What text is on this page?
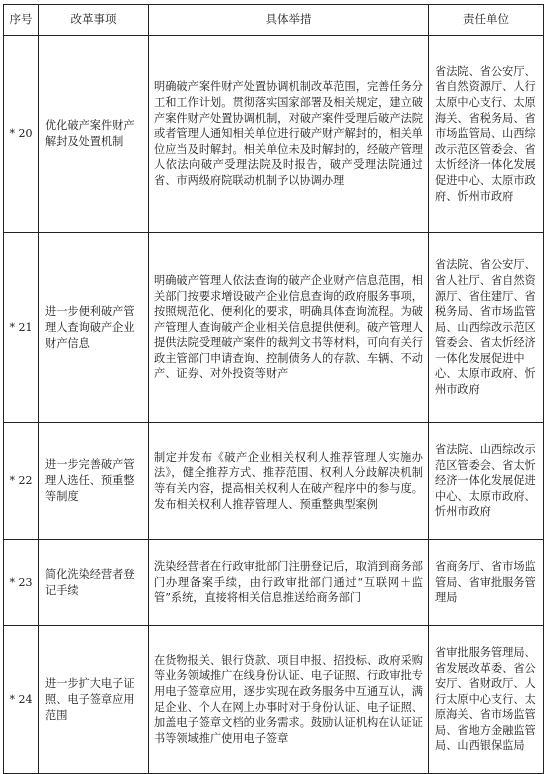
序号	改革事项	具体举措	责任单位
* 20	优化破产案件财产解封及处置机制	明确破产案件财产处置协调机制改革范围，完善任务分工和工作计划。贯彻落实国家部署及相关规定，建立破产案件财产处置协调机制，对破产案件受理后破产法院或者管理人通知相关单位进行破产财产解封的，相关单位应当及时解封。相关单位未及时解封的，经破产管理人依法向破产受理法院及时报告，破产受理法院通过省、市两级府院联动机制予以协调办理	省法院、省公安厅、省自然资源厅、人行太原中心支行、太原海关、省税务局、省市场监管局、山西综改示范区管委会、省太忻经济一体化发展促进中心、太原市政府、忻州市政府
* 21	进一步便利破产管理人查询破产企业财产信息	明确破产管理人依法查询的破产企业财产信息范围，相关部门按要求增设破产企业信息查询的政府服务事项，按照规范化、便利化的要求，明确具体查询流程。为破产管理人查询破产企业相关信息提供便利。破产管理人提供法院受理破产案件的裁判文书等材料，可向有关行政主管部门申请查询、控制债务人的存款、车辆、不动产、证券、对外投资等财产	省法院、省公安厅、省人社厅、省自然资源厅、省住建厅、省税务局、省市场监管局、山西综改示范区管委会、省太忻经济一体化发展促进中心、太原市政府、忻州市政府
* 22	进一步完善破产管理人选任、预重整等制度	制定并发布《破产企业相关权利人推荐管理人实施办法》，健全推荐方式、推荐范围、权利人分歧解决机制等有关内容，提高相关权利人在破产程序中的参与度。发布相关权利人推荐管理人、预重整典型案例	省法院、山西综改示范区管委会、省太忻经济一体化发展促进中心、太原市政府、忻州市政府
* 23	简化洗染经营者登记手续	洗染经营者在行政审批部门注册登记后，取消到商务部门办理备案手续，由行政审批部门通过“互联网＋监管”系统，直接将相关信息推送给商务部门	省商务厅、省市场监管局、省审批服务管理局
* 24	进一步扩大电子证照、电子签章应用范围	在货物报关、银行贷款、项目申报、招投标、政府采购等业务领域推广在线身份认证、电子证照、行政审批专用电子签章应用，逐步实现在政务服务中互通互认，满足企业、个人在网上办事时对于身份认证、电子证照、加盖电子签章文档的业务需求。鼓励认证机构在认证证书等领域推广使用电子签章	省审批服务管理局、省发展改革委、省公安厅、省财政厅、人行太原中心支行、太原海关、省市场监管局、省地方金融监管局、山西银保监局
